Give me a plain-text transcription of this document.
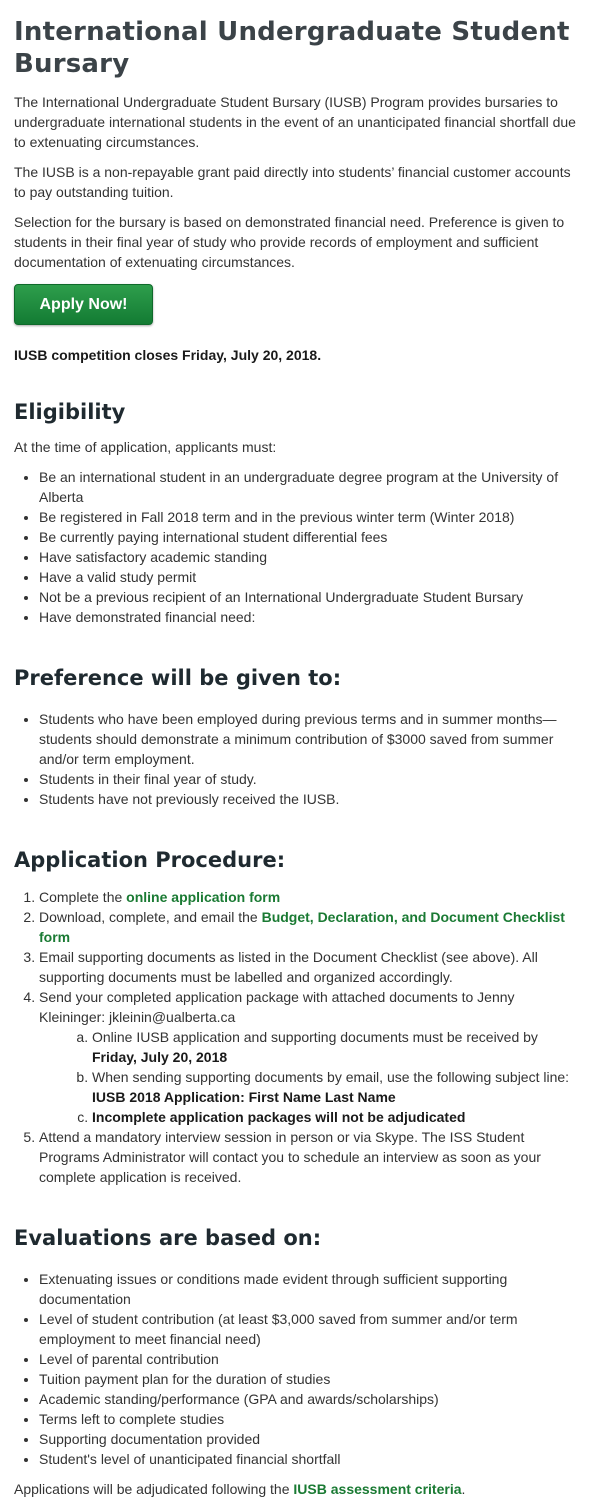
International Undergraduate Student Bursary

The International Undergraduate Student Bursary (IUSB) Program provides bursaries to undergraduate international students in the event of an unanticipated financial shortfall due to extenuating circumstances.

The IUSB is a non-repayable grant paid directly into students’ financial customer accounts to pay outstanding tuition.

Selection for the bursary is based on demonstrated financial need. Preference is given to students in their final year of study who provide records of employment and sufficient documentation of extenuating circumstances.

Apply Now!

IUSB competition closes Friday, July 20, 2018.

Eligibility

At the time of application, applicants must:

• Be an international student in an undergraduate degree program at the University of Alberta
• Be registered in Fall 2018 term and in the previous winter term (Winter 2018)
• Be currently paying international student differential fees
• Have satisfactory academic standing
• Have a valid study permit
• Not be a previous recipient of an International Undergraduate Student Bursary
• Have demonstrated financial need:
Preference will be given to:
• Students who have been employed during previous terms and in summer months—students should demonstrate a minimum contribution of $3000 saved from summer and/or term employment.
• Students in their final year of study.
• Students have not previously received the IUSB.
Application Procedure:
1. Complete the online application form
2. Download, complete, and email the Budget, Declaration, and Document Checklist form
3. Email supporting documents as listed in the Document Checklist (see above). All supporting documents must be labelled and organized accordingly.
4. Send your completed application package with attached documents to Jenny Kleininger: jkleinin@ualberta.ca
a. Online IUSB application and supporting documents must be received by Friday, July 20, 2018
b. When sending supporting documents by email, use the following subject line: IUSB 2018 Application: First Name Last Name
c. Incomplete application packages will not be adjudicated
5. Attend a mandatory interview session in person or via Skype. The ISS Student Programs Administrator will contact you to schedule an interview as soon as your complete application is received.
Evaluations are based on:
• Extenuating issues or conditions made evident through sufficient supporting documentation
• Level of student contribution (at least $3,000 saved from summer and/or term employment to meet financial need)
• Level of parental contribution
• Tuition payment plan for the duration of studies
• Academic standing/performance (GPA and awards/scholarships)
• Terms left to complete studies
• Supporting documentation provided
• Student's level of unanticipated financial shortfall

Applications will be adjudicated following the IUSB assessment criteria.
